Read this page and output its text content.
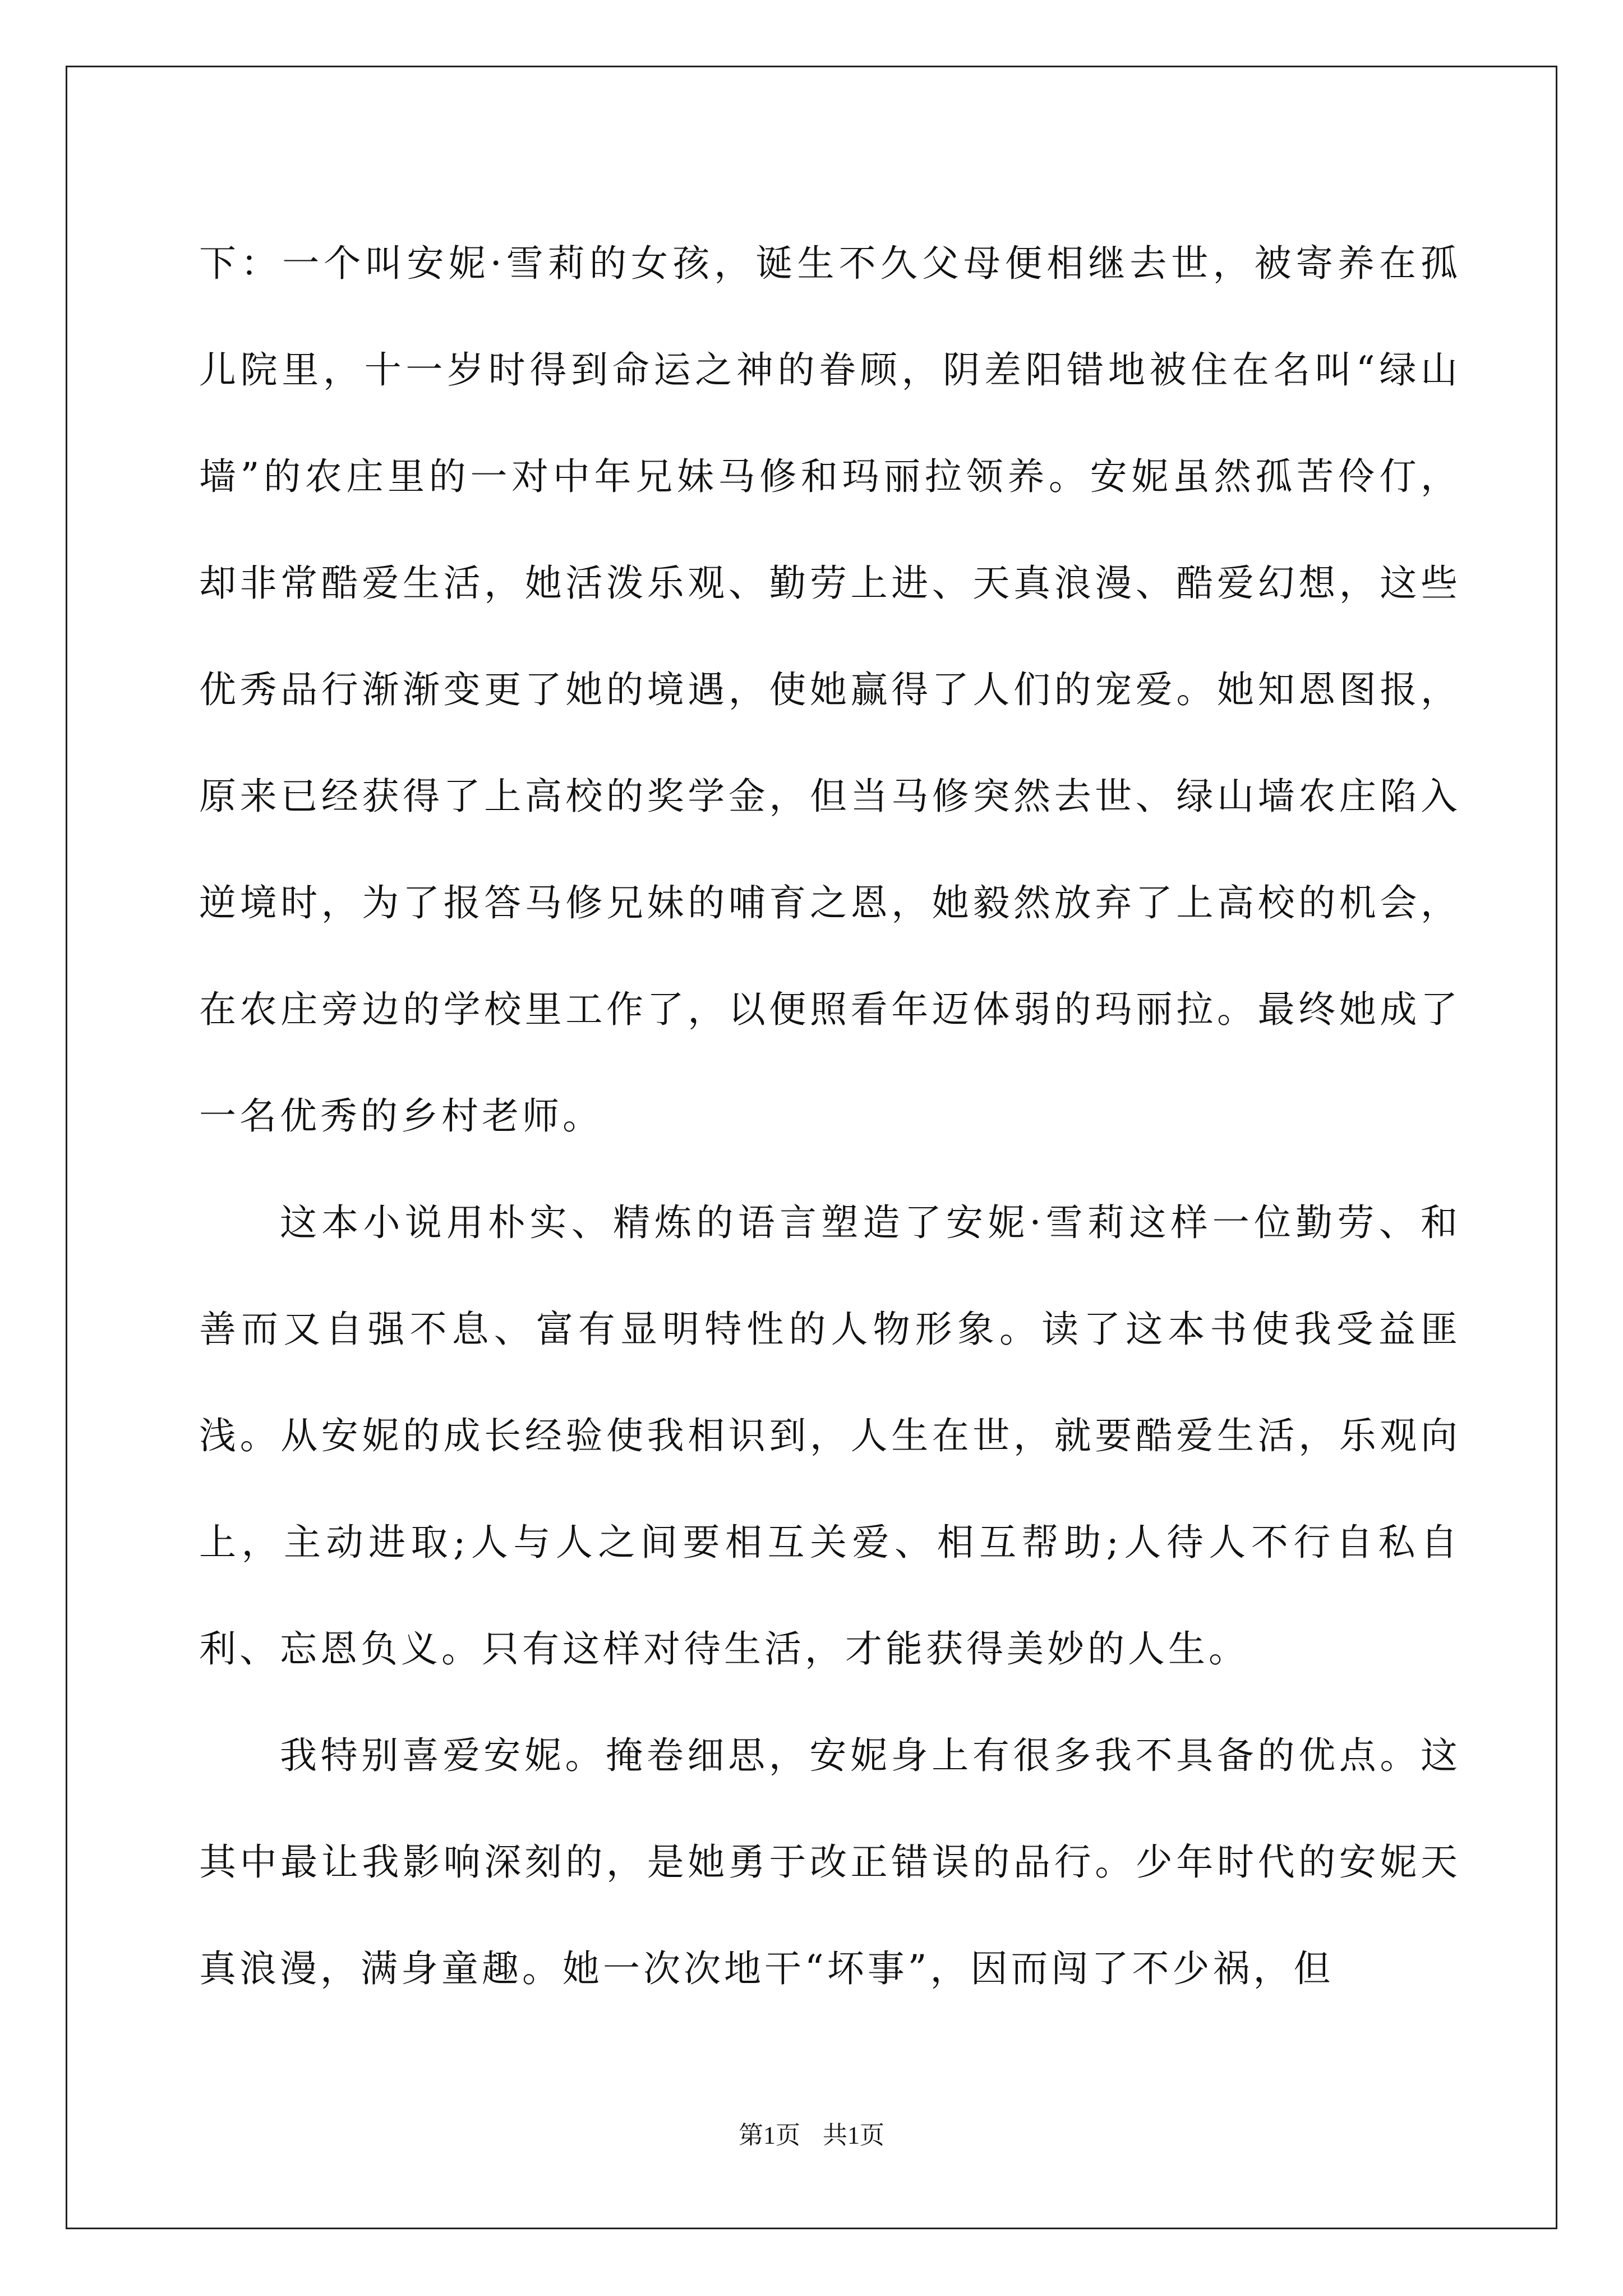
下：一个叫安妮·雪莉的女孩，诞生不久父母便相继去世，被寄养在孤儿院里，十一岁时得到命运之神的眷顾，阴差阳错地被住在名叫“绿山墙”的农庄里的一对中年兄妹马修和玛丽拉领养。安妮虽然孤苦伶仃，却非常酷爱生活，她活泼乐观、勤劳上进、天真浪漫、酷爱幻想，这些优秀品行渐渐变更了她的境遇，使她赢得了人们的宠爱。她知恩图报，原来已经获得了上高校的奖学金，但当马修突然去世、绿山墙农庄陷入逆境时，为了报答马修兄妹的哺育之恩，她毅然放弃了上高校的机会，在农庄旁边的学校里工作了，以便照看年迈体弱的玛丽拉。最终她成了一名优秀的乡村老师。

这本小说用朴实、精炼的语言塑造了安妮·雪莉这样一位勤劳、和善而又自强不息、富有显明特性的人物形象。读了这本书使我受益匪浅。从安妮的成长经验使我相识到，人生在世，就要酷爱生活，乐观向上，主动进取;人与人之间要相互关爱、相互帮助;人待人不行自私自利、忘恩负义。只有这样对待生活，才能获得美妙的人生。

我特别喜爱安妮。掩卷细思，安妮身上有很多我不具备的优点。这其中最让我影响深刻的，是她勇于改正错误的品行。少年时代的安妮天真浪漫，满身童趣。她一次次地干“坏事”，因而闯了不少祸，但

第1页 共1页
